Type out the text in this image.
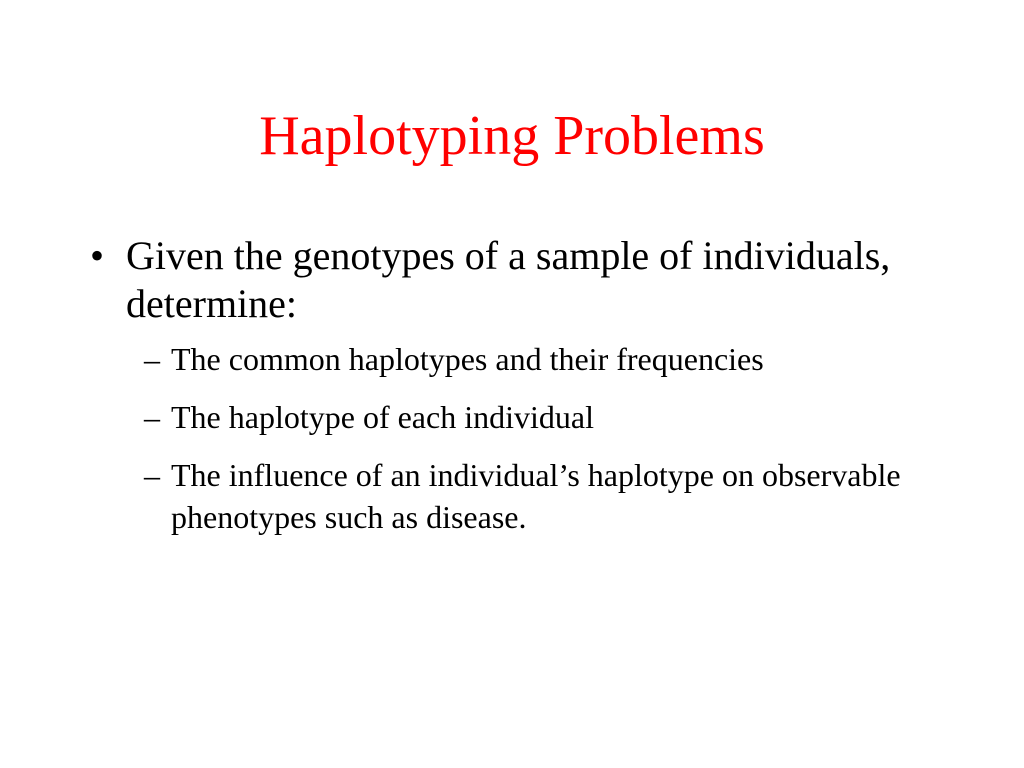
Haplotyping Problems
• Given the genotypes of a sample of individuals, determine:
– The common haplotypes and their frequencies
– The haplotype of each individual
– The influence of an individual’s haplotype on observable phenotypes such as disease.
